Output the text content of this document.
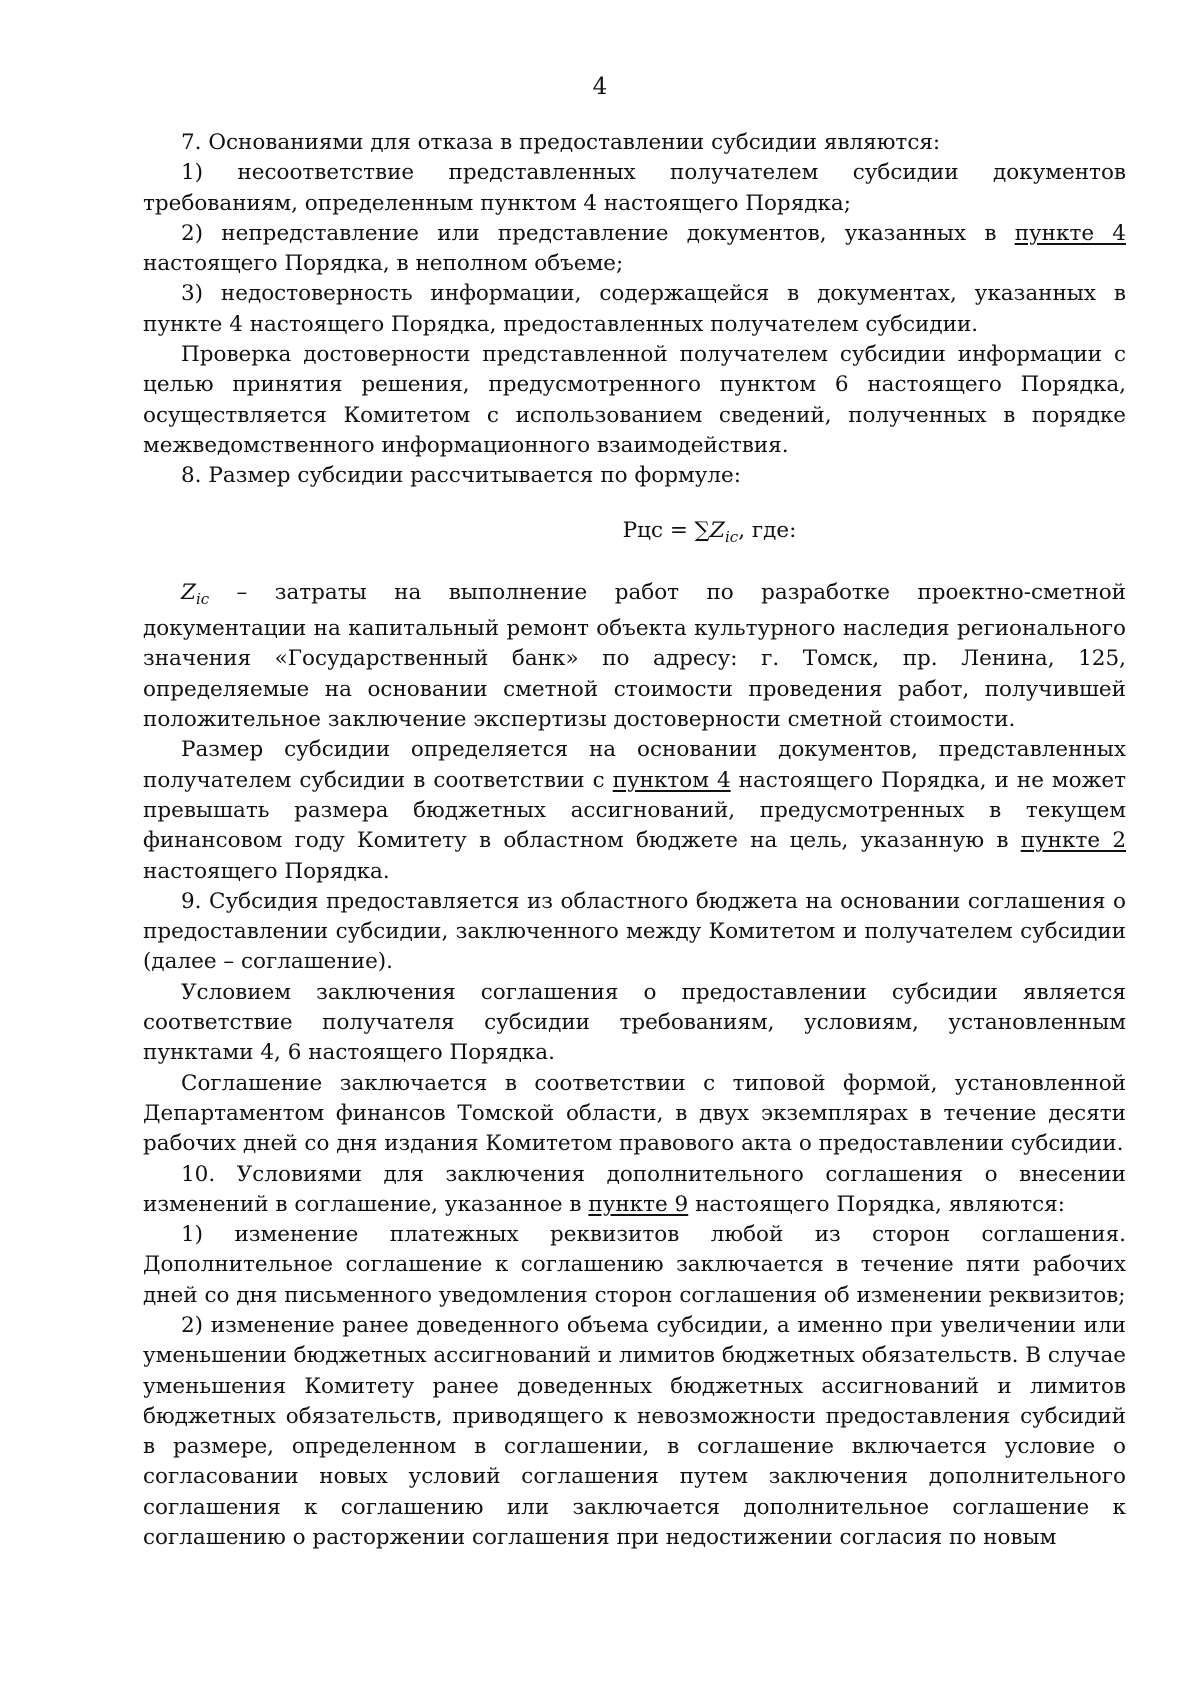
4

7. Основаниями для отказа в предоставлении субсидии являются:

1) несоответствие представленных получателем субсидии документов требованиям, определенным пунктом 4 настоящего Порядка;

2) непредставление или представление документов, указанных в пункте 4 настоящего Порядка, в неполном объеме;

3) недостоверность информации, содержащейся в документах, указанных в пункте 4 настоящего Порядка, предоставленных получателем субсидии.

Проверка достоверности представленной получателем субсидии информации с целью принятия решения, предусмотренного пунктом 6 настоящего Порядка, осуществляется Комитетом с использованием сведений, полученных в порядке межведомственного информационного взаимодействия.

8. Размер субсидии рассчитывается по формуле:

Рцс = $\sum Z_{ic}$, где:

$Z_{ic}$ – затраты на выполнение работ по разработке проектно-сметной документации на капитальный ремонт объекта культурного наследия регионального значения «Государственный банк» по адресу: г. Томск, пр. Ленина, 125, определяемые на основании сметной стоимости проведения работ, получившей положительное заключение экспертизы достоверности сметной стоимости.

Размер субсидии определяется на основании документов, представленных получателем субсидии в соответствии с пунктом 4 настоящего Порядка, и не может превышать размера бюджетных ассигнований, предусмотренных в текущем финансовом году Комитету в областном бюджете на цель, указанную в пункте 2 настоящего Порядка.

9. Субсидия предоставляется из областного бюджета на основании соглашения о предоставлении субсидии, заключенного между Комитетом и получателем субсидии (далее – соглашение).

Условием заключения соглашения о предоставлении субсидии является соответствие получателя субсидии требованиям, условиям, установленным пунктами 4, 6 настоящего Порядка.

Соглашение заключается в соответствии с типовой формой, установленной Департаментом финансов Томской области, в двух экземплярах в течение десяти рабочих дней со дня издания Комитетом правового акта о предоставлении субсидии.

10. Условиями для заключения дополнительного соглашения о внесении изменений в соглашение, указанное в пункте 9 настоящего Порядка, являются:

1) изменение платежных реквизитов любой из сторон соглашения. Дополнительное соглашение к соглашению заключается в течение пяти рабочих дней со дня письменного уведомления сторон соглашения об изменении реквизитов;

2) изменение ранее доведенного объема субсидии, а именно при увеличении или уменьшении бюджетных ассигнований и лимитов бюджетных обязательств. В случае уменьшения Комитету ранее доведенных бюджетных ассигнований и лимитов бюджетных обязательств, приводящего к невозможности предоставления субсидий в размере, определенном в соглашении, в соглашение включается условие о согласовании новых условий соглашения путем заключения дополнительного соглашения к соглашению или заключается дополнительное соглашение к соглашению о расторжении соглашения при недостижении согласия по новым
